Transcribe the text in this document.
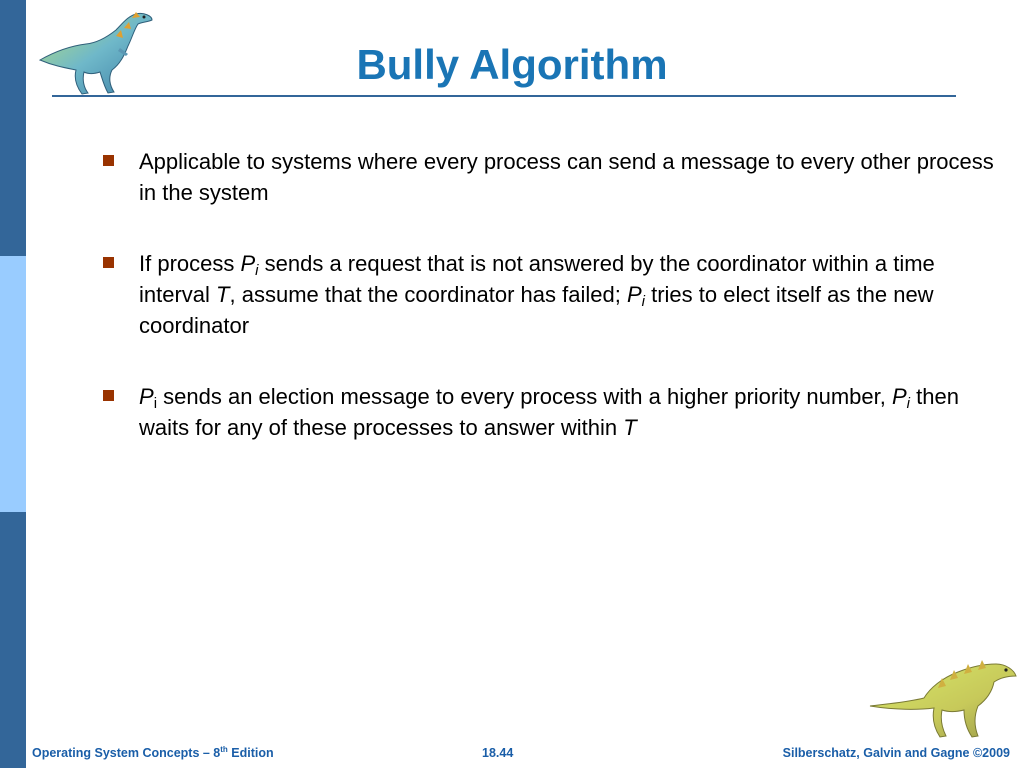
Bully Algorithm
Applicable to systems where every process can send a message to every other process in the system
If process $P_i$ sends a request that is not answered by the coordinator within a time interval T, assume that the coordinator has failed; $P_i$ tries to elect itself as the new coordinator
$P_i$ sends an election message to every process with a higher priority number, $P_i$ then waits for any of these processes to answer within T
Operating System Concepts – 8th Edition	18.44	Silberschatz, Galvin and Gagne ©2009
